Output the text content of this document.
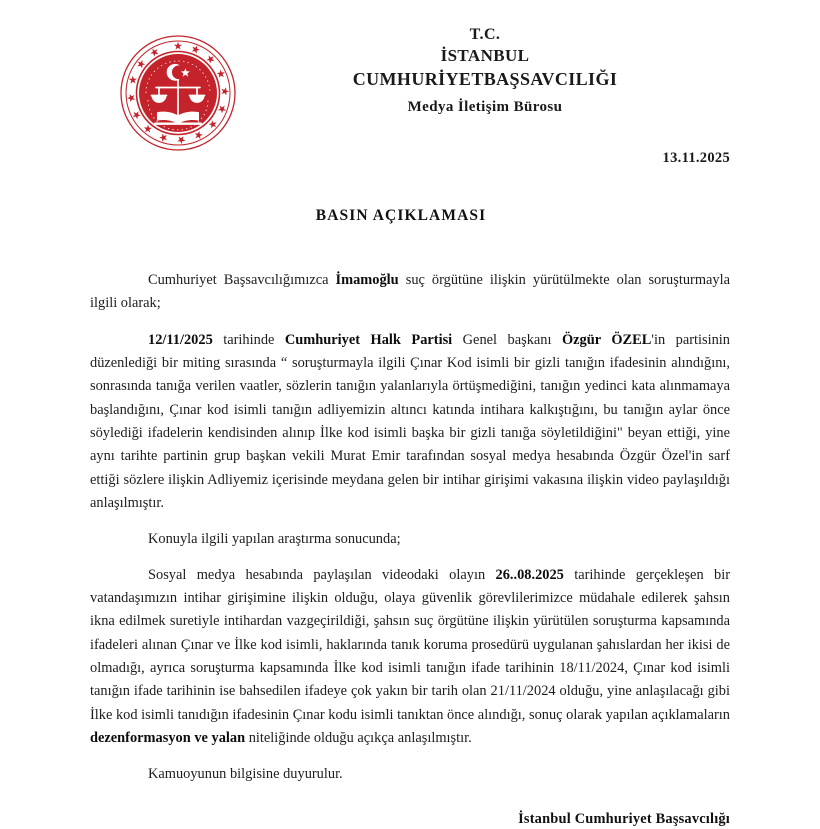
T.C.
İSTANBUL
CUMHURİYETBAŞSAVCILIĞI
Medya İletişim Bürosu
13.11.2025
BASIN AÇIKLAMASI

Cumhuriyet Başsavcılığımızca İmamoğlu suç örgütüne ilişkin yürütülmekte olan soruşturmayla ilgili olarak;

12/11/2025 tarihinde Cumhuriyet Halk Partisi Genel başkanı Özgür ÖZEL'in partisinin düzenlediği bir miting sırasında “ soruşturmayla ilgili Çınar Kod isimli bir gizli tanığın ifadesinin alındığını, sonrasında tanığa verilen vaatler, sözlerin tanığın yalanlarıyla örtüşmediğini, tanığın yedinci kata alınmamaya başlandığını, Çınar kod isimli tanığın adliyemizin altıncı katında intihara kalkıştığını, bu tanığın aylar önce söylediği ifadelerin kendisinden alınıp İlke kod isimli başka bir gizli tanığa söyletildiğini" beyan ettiği, yine aynı tarihte partinin grup başkan vekili Murat Emir tarafından sosyal medya hesabında Özgür Özel'in sarf ettiği sözlere ilişkin Adliyemiz içerisinde meydana gelen bir intihar girişimi vakasına ilişkin video paylaşıldığı anlaşılmıştır.

Konuyla ilgili yapılan araştırma sonucunda;

Sosyal medya hesabında paylaşılan videodaki olayın 26..08.2025 tarihinde gerçekleşen bir vatandaşımızın intihar girişimine ilişkin olduğu, olaya güvenlik görevlilerimizce müdahale edilerek şahsın ikna edilmek suretiyle intihardan vazgeçirildiği, şahsın suç örgütüne ilişkin yürütülen soruşturma kapsamında ifadeleri alınan Çınar ve İlke kod isimli, haklarında tanık koruma prosedürü uygulanan şahıslardan her ikisi de olmadığı, ayrıca soruşturma kapsamında İlke kod isimli tanığın ifade tarihinin 18/11/2024, Çınar kod isimli tanığın ifade tarihinin ise bahsedilen ifadeye çok yakın bir tarih olan 21/11/2024 olduğu, yine anlaşılacağı gibi İlke kod isimli tanıdığın ifadesinin Çınar kodu isimli tanıktan önce alındığı, sonuç olarak yapılan açıklamaların dezenformasyon ve yalan niteliğinde olduğu açıkça anlaşılmıştır.

Kamuoyunun bilgisine duyurulur.

İstanbul Cumhuriyet Başsavcılığı
